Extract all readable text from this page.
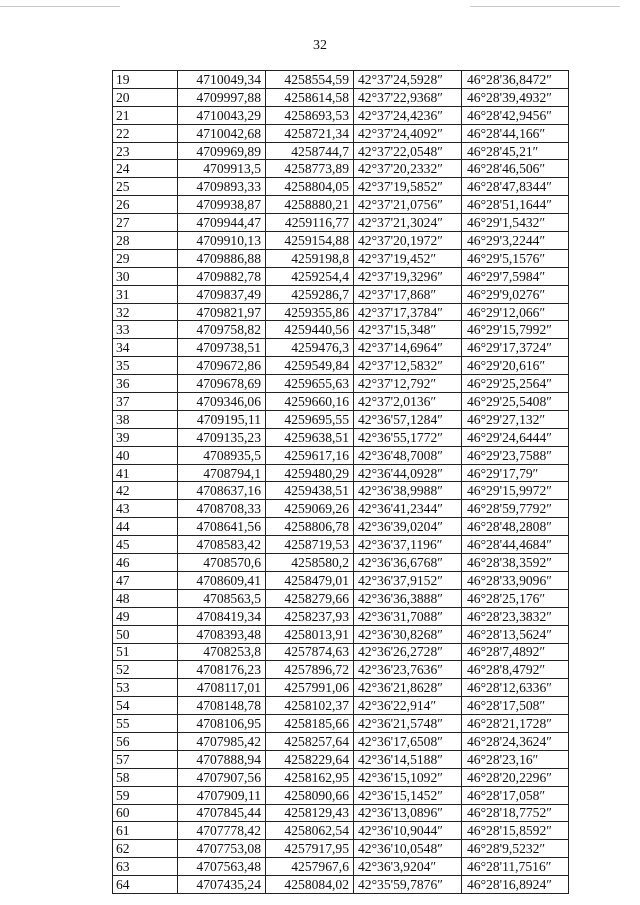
32
19	4710049,34	4258554,59	42°37'24,5928″	46°28'36,8472″
20	4709997,88	4258614,58	42°37'22,9368″	46°28'39,4932″
21	4710043,29	4258693,53	42°37'24,4236″	46°28'42,9456″
22	4710042,68	4258721,34	42°37'24,4092″	46°28'44,166″
23	4709969,89	4258744,7	42°37'22,0548″	46°28'45,21″
24	4709913,5	4258773,89	42°37'20,2332″	46°28'46,506″
25	4709893,33	4258804,05	42°37'19,5852″	46°28'47,8344″
26	4709938,87	4258880,21	42°37'21,0756″	46°28'51,1644″
27	4709944,47	4259116,77	42°37'21,3024″	46°29'1,5432″
28	4709910,13	4259154,88	42°37'20,1972″	46°29'3,2244″
29	4709886,88	4259198,8	42°37'19,452″	46°29'5,1576″
30	4709882,78	4259254,4	42°37'19,3296″	46°29'7,5984″
31	4709837,49	4259286,7	42°37'17,868″	46°29'9,0276″
32	4709821,97	4259355,86	42°37'17,3784″	46°29'12,066″
33	4709758,82	4259440,56	42°37'15,348″	46°29'15,7992″
34	4709738,51	4259476,3	42°37'14,6964″	46°29'17,3724″
35	4709672,86	4259549,84	42°37'12,5832″	46°29'20,616″
36	4709678,69	4259655,63	42°37'12,792″	46°29'25,2564″
37	4709346,06	4259660,16	42°37'2,0136″	46°29'25,5408″
38	4709195,11	4259695,55	42°36'57,1284″	46°29'27,132″
39	4709135,23	4259638,51	42°36'55,1772″	46°29'24,6444″
40	4708935,5	4259617,16	42°36'48,7008″	46°29'23,7588″
41	4708794,1	4259480,29	42°36'44,0928″	46°29'17,79″
42	4708637,16	4259438,51	42°36'38,9988″	46°29'15,9972″
43	4708708,33	4259069,26	42°36'41,2344″	46°28'59,7792″
44	4708641,56	4258806,78	42°36'39,0204″	46°28'48,2808″
45	4708583,42	4258719,53	42°36'37,1196″	46°28'44,4684″
46	4708570,6	4258580,2	42°36'36,6768″	46°28'38,3592″
47	4708609,41	4258479,01	42°36'37,9152″	46°28'33,9096″
48	4708563,5	4258279,66	42°36'36,3888″	46°28'25,176″
49	4708419,34	4258237,93	42°36'31,7088″	46°28'23,3832″
50	4708393,48	4258013,91	42°36'30,8268″	46°28'13,5624″
51	4708253,8	4257874,63	42°36'26,2728″	46°28'7,4892″
52	4708176,23	4257896,72	42°36'23,7636″	46°28'8,4792″
53	4708117,01	4257991,06	42°36'21,8628″	46°28'12,6336″
54	4708148,78	4258102,37	42°36'22,914″	46°28'17,508″
55	4708106,95	4258185,66	42°36'21,5748″	46°28'21,1728″
56	4707985,42	4258257,64	42°36'17,6508″	46°28'24,3624″
57	4707888,94	4258229,64	42°36'14,5188″	46°28'23,16″
58	4707907,56	4258162,95	42°36'15,1092″	46°28'20,2296″
59	4707909,11	4258090,66	42°36'15,1452″	46°28'17,058″
60	4707845,44	4258129,43	42°36'13,0896″	46°28'18,7752″
61	4707778,42	4258062,54	42°36'10,9044″	46°28'15,8592″
62	4707753,08	4257917,95	42°36'10,0548″	46°28'9,5232″
63	4707563,48	4257967,6	42°36'3,9204″	46°28'11,7516″
64	4707435,24	4258084,02	42°35'59,7876″	46°28'16,8924″
